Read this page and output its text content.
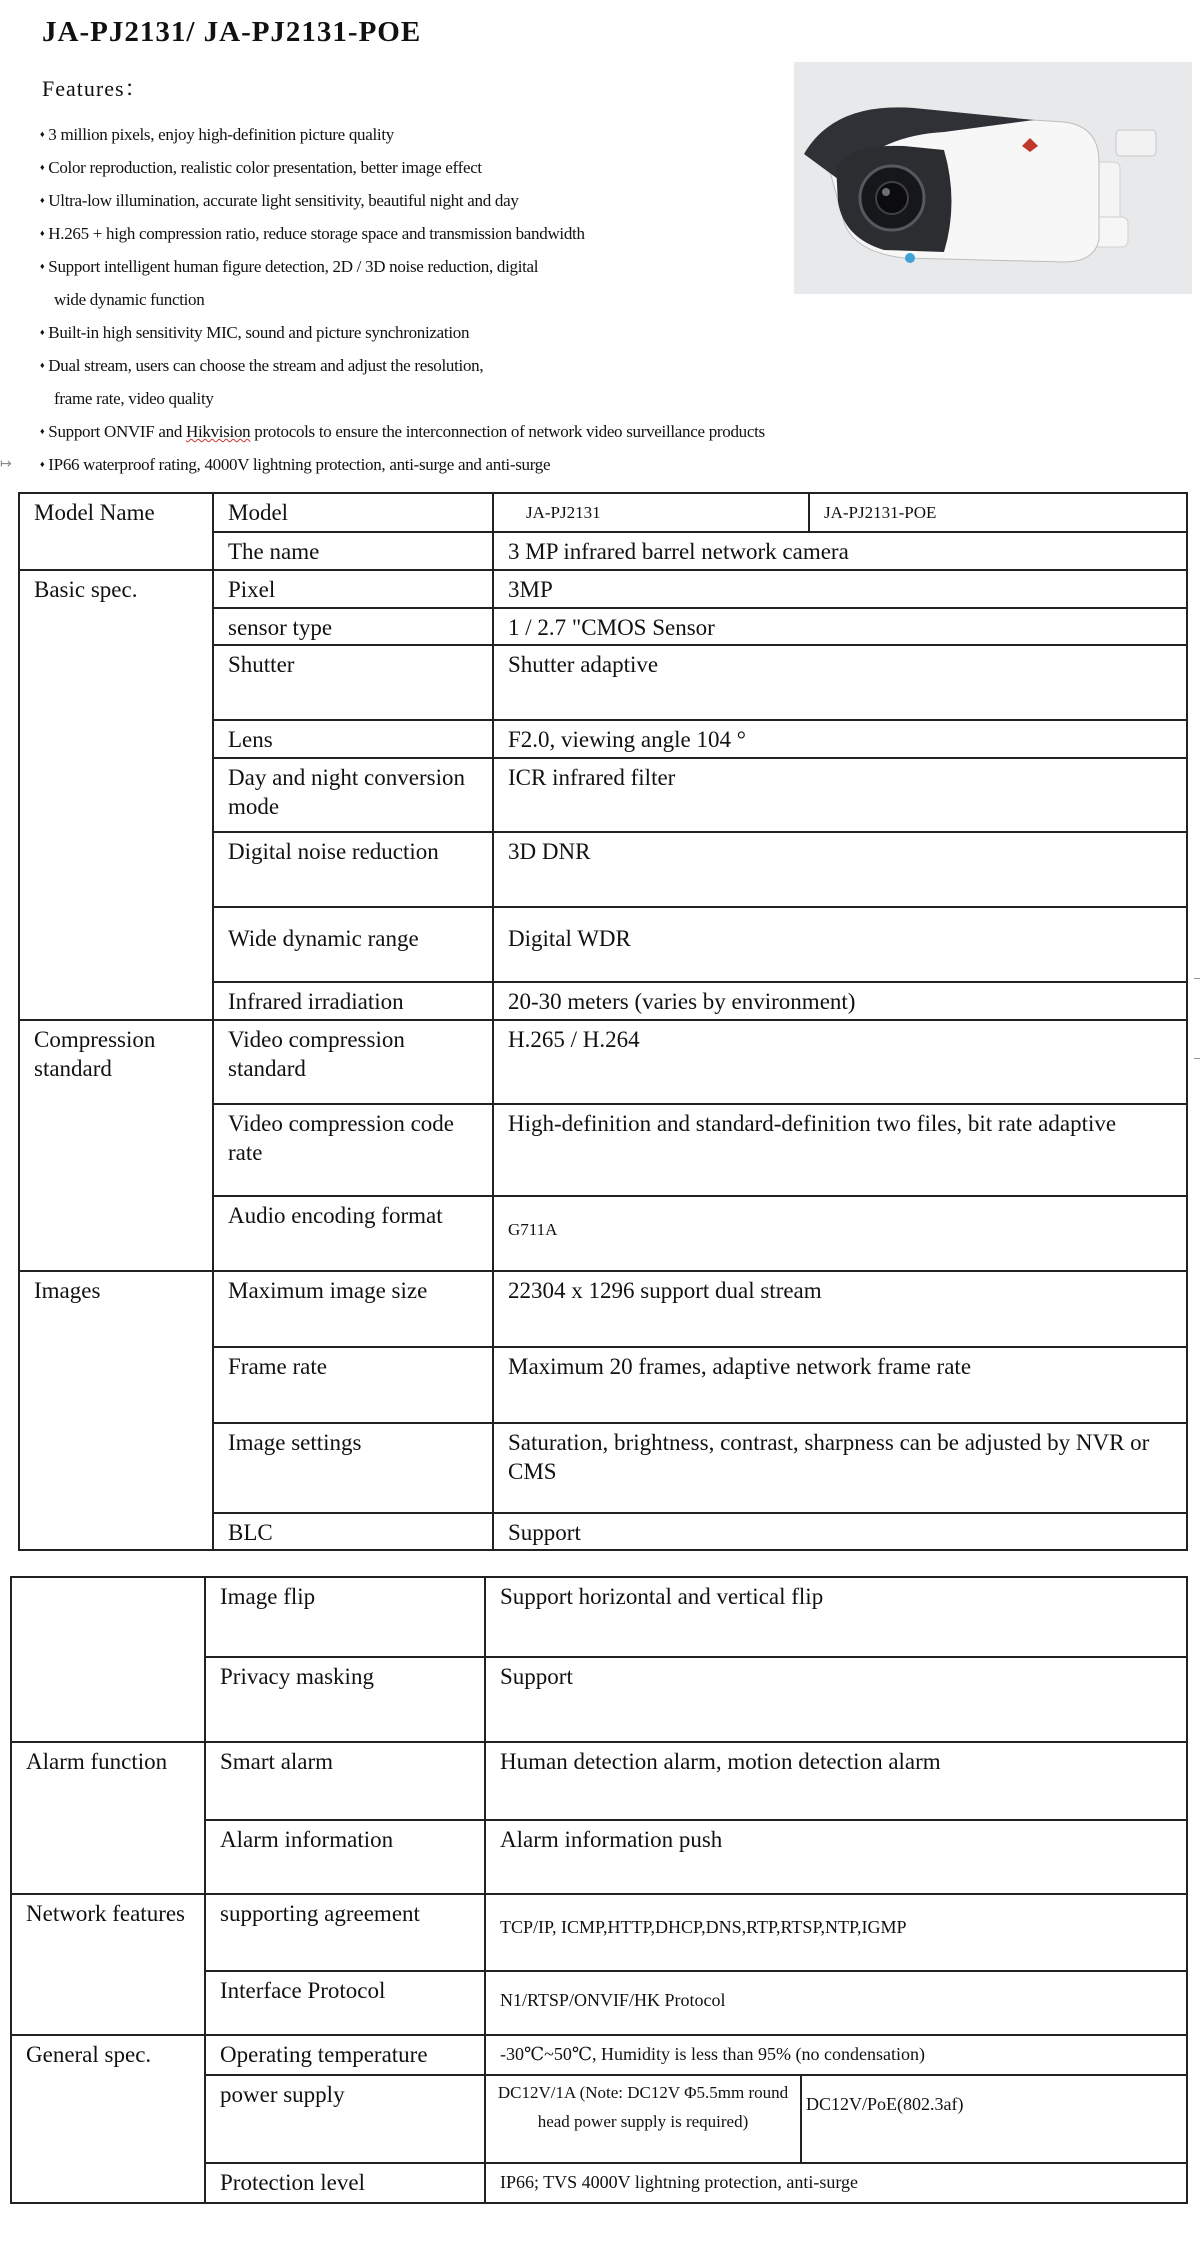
JA-PJ2131/ JA-PJ2131-POE
Features：
♦ 3 million pixels, enjoy high-definition picture quality
♦ Color reproduction, realistic color presentation, better image effect
♦ Ultra-low illumination, accurate light sensitivity, beautiful night and day
♦ H.265 + high compression ratio, reduce storage space and transmission bandwidth
♦ Support intelligent human figure detection, 2D / 3D noise reduction, digital
wide dynamic function
♦ Built-in high sensitivity MIC, sound and picture synchronization
♦ Dual stream, users can choose the stream and adjust the resolution,
frame rate, video quality
♦ Support ONVIF and Hikvision protocols to ensure the interconnection of network video surveillance products
♦ IP66 waterproof rating, 4000V lightning protection, anti-surge and anti-surge
↦
Model Name	Model	JA-PJ2131	JA-PJ2131-POE
	The name	3 MP infrared barrel network camera	
Basic spec.	Pixel	3MP	
	sensor type	1 / 2.7 "CMOS Sensor	
	Shutter	Shutter adaptive	
	Lens	F2.0, viewing angle 104 °	
	Day and night conversion mode	ICR infrared filter	
	Digital noise reduction	3D DNR	
	Wide dynamic range	Digital WDR	
	Infrared irradiation	20-30 meters (varies by environment)	
Compression standard	Video compression standard	H.265 / H.264	
	Video compression code rate	High-definition and standard-definition two files, bit rate adaptive	
	Audio encoding format	G711A	
Images	Maximum image size	22304 x 1296 support dual stream	
	Frame rate	Maximum 20 frames, adaptive network frame rate	
	Image settings	Saturation, brightness, contrast, sharpness can be adjusted by NVR or CMS	
	BLC	Support	
	Image flip	Support horizontal and vertical flip	
	Privacy masking	Support	
Alarm function	Smart alarm	Human detection alarm, motion detection alarm	
	Alarm information	Alarm information push	
Network features	supporting agreement	TCP/IP, ICMP,HTTP,DHCP,DNS,RTP,RTSP,NTP,IGMP	
	Interface Protocol	N1/RTSP/ONVIF/HK Protocol	
General spec.	Operating temperature	-30℃~50℃, Humidity is less than 95% (no condensation)	
	power supply	DC12V/1A (Note: DC12V Φ5.5mm round head power supply is required)	DC12V/PoE(802.3af)
	Protection level	IP66; TVS 4000V lightning protection, anti-surge	
